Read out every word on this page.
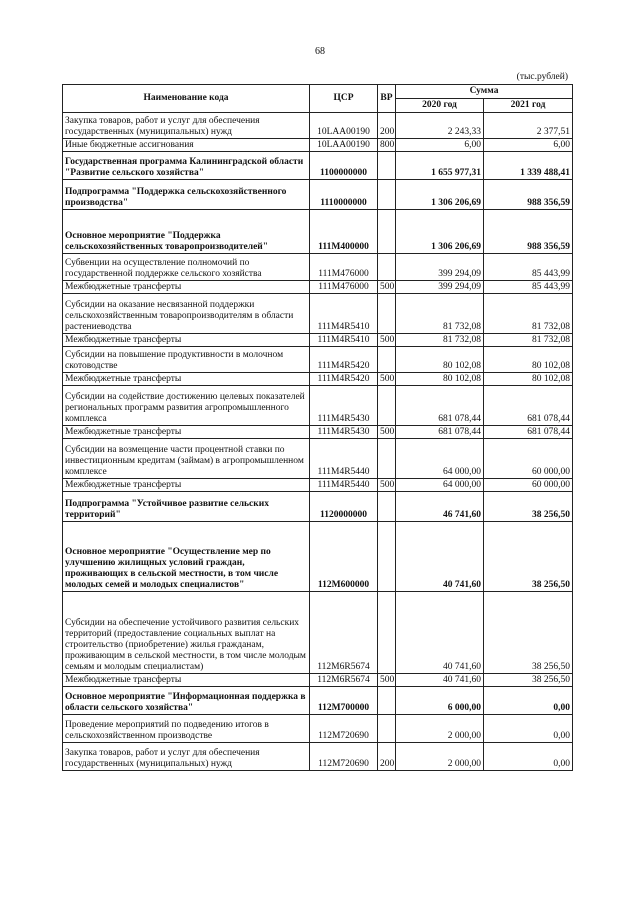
68
(тыс.рублей)
Наименование кода	ЦСР	ВР	Сумма	
			2020 год	2021 год
Закупка товаров, работ и услуг для обеспечения государственных (муниципальных) нужд	10LAA00190	200	2 243,33	2 377,51
Иные бюджетные ассигнования	10LAA00190	800	6,00	6,00
Государственная программа Калининградской области "Развитие сельского хозяйства"	1100000000		1 655 977,31	1 339 488,41
Подпрограмма "Поддержка сельскохозяйственного производства"	1110000000		1 306 206,69	988 356,59
Основное мероприятие "Поддержка сельскохозяйственных товаропроизводителей"	111M400000		1 306 206,69	988 356,59
Субвенции на осуществление полномочий по государственной поддержке сельского хозяйства	111M476000		399 294,09	85 443,99
Межбюджетные трансферты	111M476000	500	399 294,09	85 443,99
Субсидии на оказание несвязанной поддержки сельскохозяйственным товаропроизводителям в области растениеводства	111M4R5410		81 732,08	81 732,08
Межбюджетные трансферты	111M4R5410	500	81 732,08	81 732,08
Субсидии на повышение продуктивности в молочном скотоводстве	111M4R5420		80 102,08	80 102,08
Межбюджетные трансферты	111M4R5420	500	80 102,08	80 102,08
Субсидии на содействие достижению целевых показателей региональных программ развития агропромышленного комплекса	111M4R5430		681 078,44	681 078,44
Межбюджетные трансферты	111M4R5430	500	681 078,44	681 078,44
Субсидии на возмещение части процентной ставки по инвестиционным кредитам (займам) в агропромышленном комплексе	111M4R5440		64 000,00	60 000,00
Межбюджетные трансферты	111M4R5440	500	64 000,00	60 000,00
Подпрограмма "Устойчивое развитие сельских территорий"	1120000000		46 741,60	38 256,50
Основное мероприятие "Осуществление мер по улучшению жилищных условий граждан, проживающих в сельской местности, в том числе молодых семей и молодых специалистов"	112M600000		40 741,60	38 256,50
Субсидии на обеспечение устойчивого развития сельских территорий (предоставление социальных выплат на строительство (приобретение) жилья гражданам, проживающим в сельской местности, в том числе молодым семьям и молодым специалистам)	112M6R5674		40 741,60	38 256,50
Межбюджетные трансферты	112M6R5674	500	40 741,60	38 256,50
Основное мероприятие "Информационная поддержка в области сельского хозяйства"	112M700000		6 000,00	0,00
Проведение мероприятий по подведению итогов в сельскохозяйственном производстве	112M720690		2 000,00	0,00
Закупка товаров, работ и услуг для обеспечения государственных (муниципальных) нужд	112M720690	200	2 000,00	0,00
